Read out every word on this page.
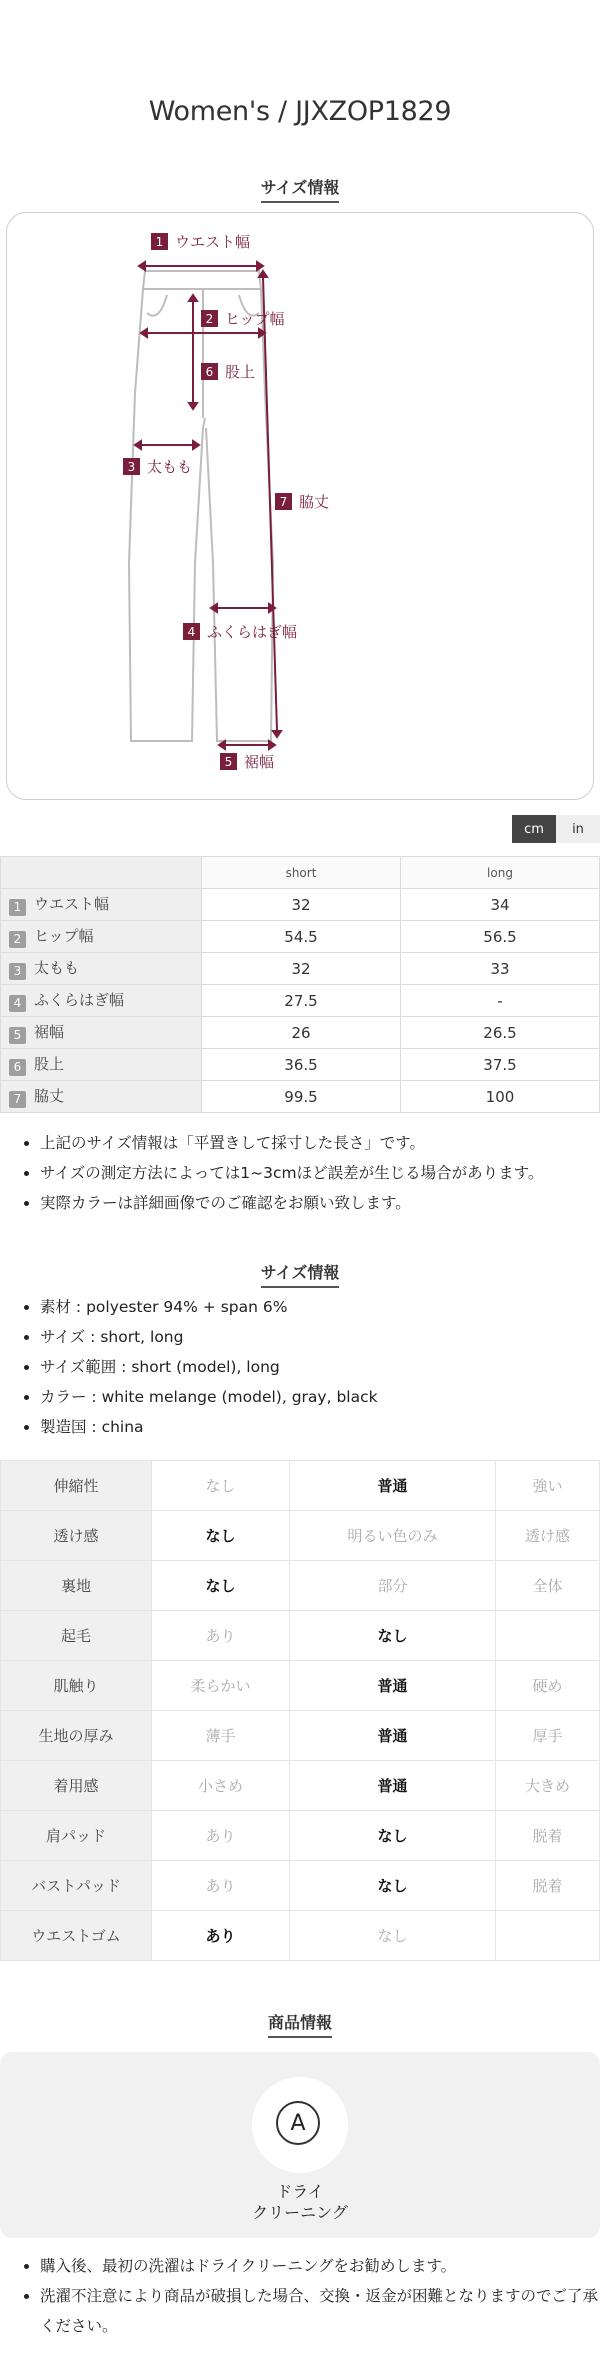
Women's / JJXZOP1829
サイズ情報
1 ウエスト幅
2 ヒップ幅
6 股上
3 太もも
7 脇丈
4 ふくらはぎ幅
5 裾幅
cm	in
	short	long
1 ウエスト幅	32	34
2 ヒップ幅	54.5	56.5
3 太もも	32	33
4 ふくらはぎ幅	27.5	-
5 裾幅	26	26.5
6 股上	36.5	37.5
7 脇丈	99.5	100
• 上記のサイズ情報は「平置きして採寸した長さ」です。
• サイズの測定方法によっては1~3cmほど誤差が生じる場合があります。
• 実際カラーは詳細画像でのご確認をお願い致します。
サイズ情報
• 素材 : polyester 94% + span 6%
• サイズ : short, long
• サイズ範囲 : short (model), long
• カラー : white melange (model), gray, black
• 製造国 : china
伸縮性	なし	普通	強い
透け感	なし	明るい色のみ	透け感
裏地	なし	部分	全体
起毛	あり	なし	
肌触り	柔らかい	普通	硬め
生地の厚み	薄手	普通	厚手
着用感	小さめ	普通	大きめ
肩パッド	あり	なし	脱着
バストパッド	あり	なし	脱着
ウエストゴム	あり	なし	
商品情報
A
ドライ
クリーニング
• 購入後、最初の洗濯はドライクリーニングをお勧めします。
• 洗濯不注意により商品が破損した場合、交換・返金が困難となりますのでご了承ください。
